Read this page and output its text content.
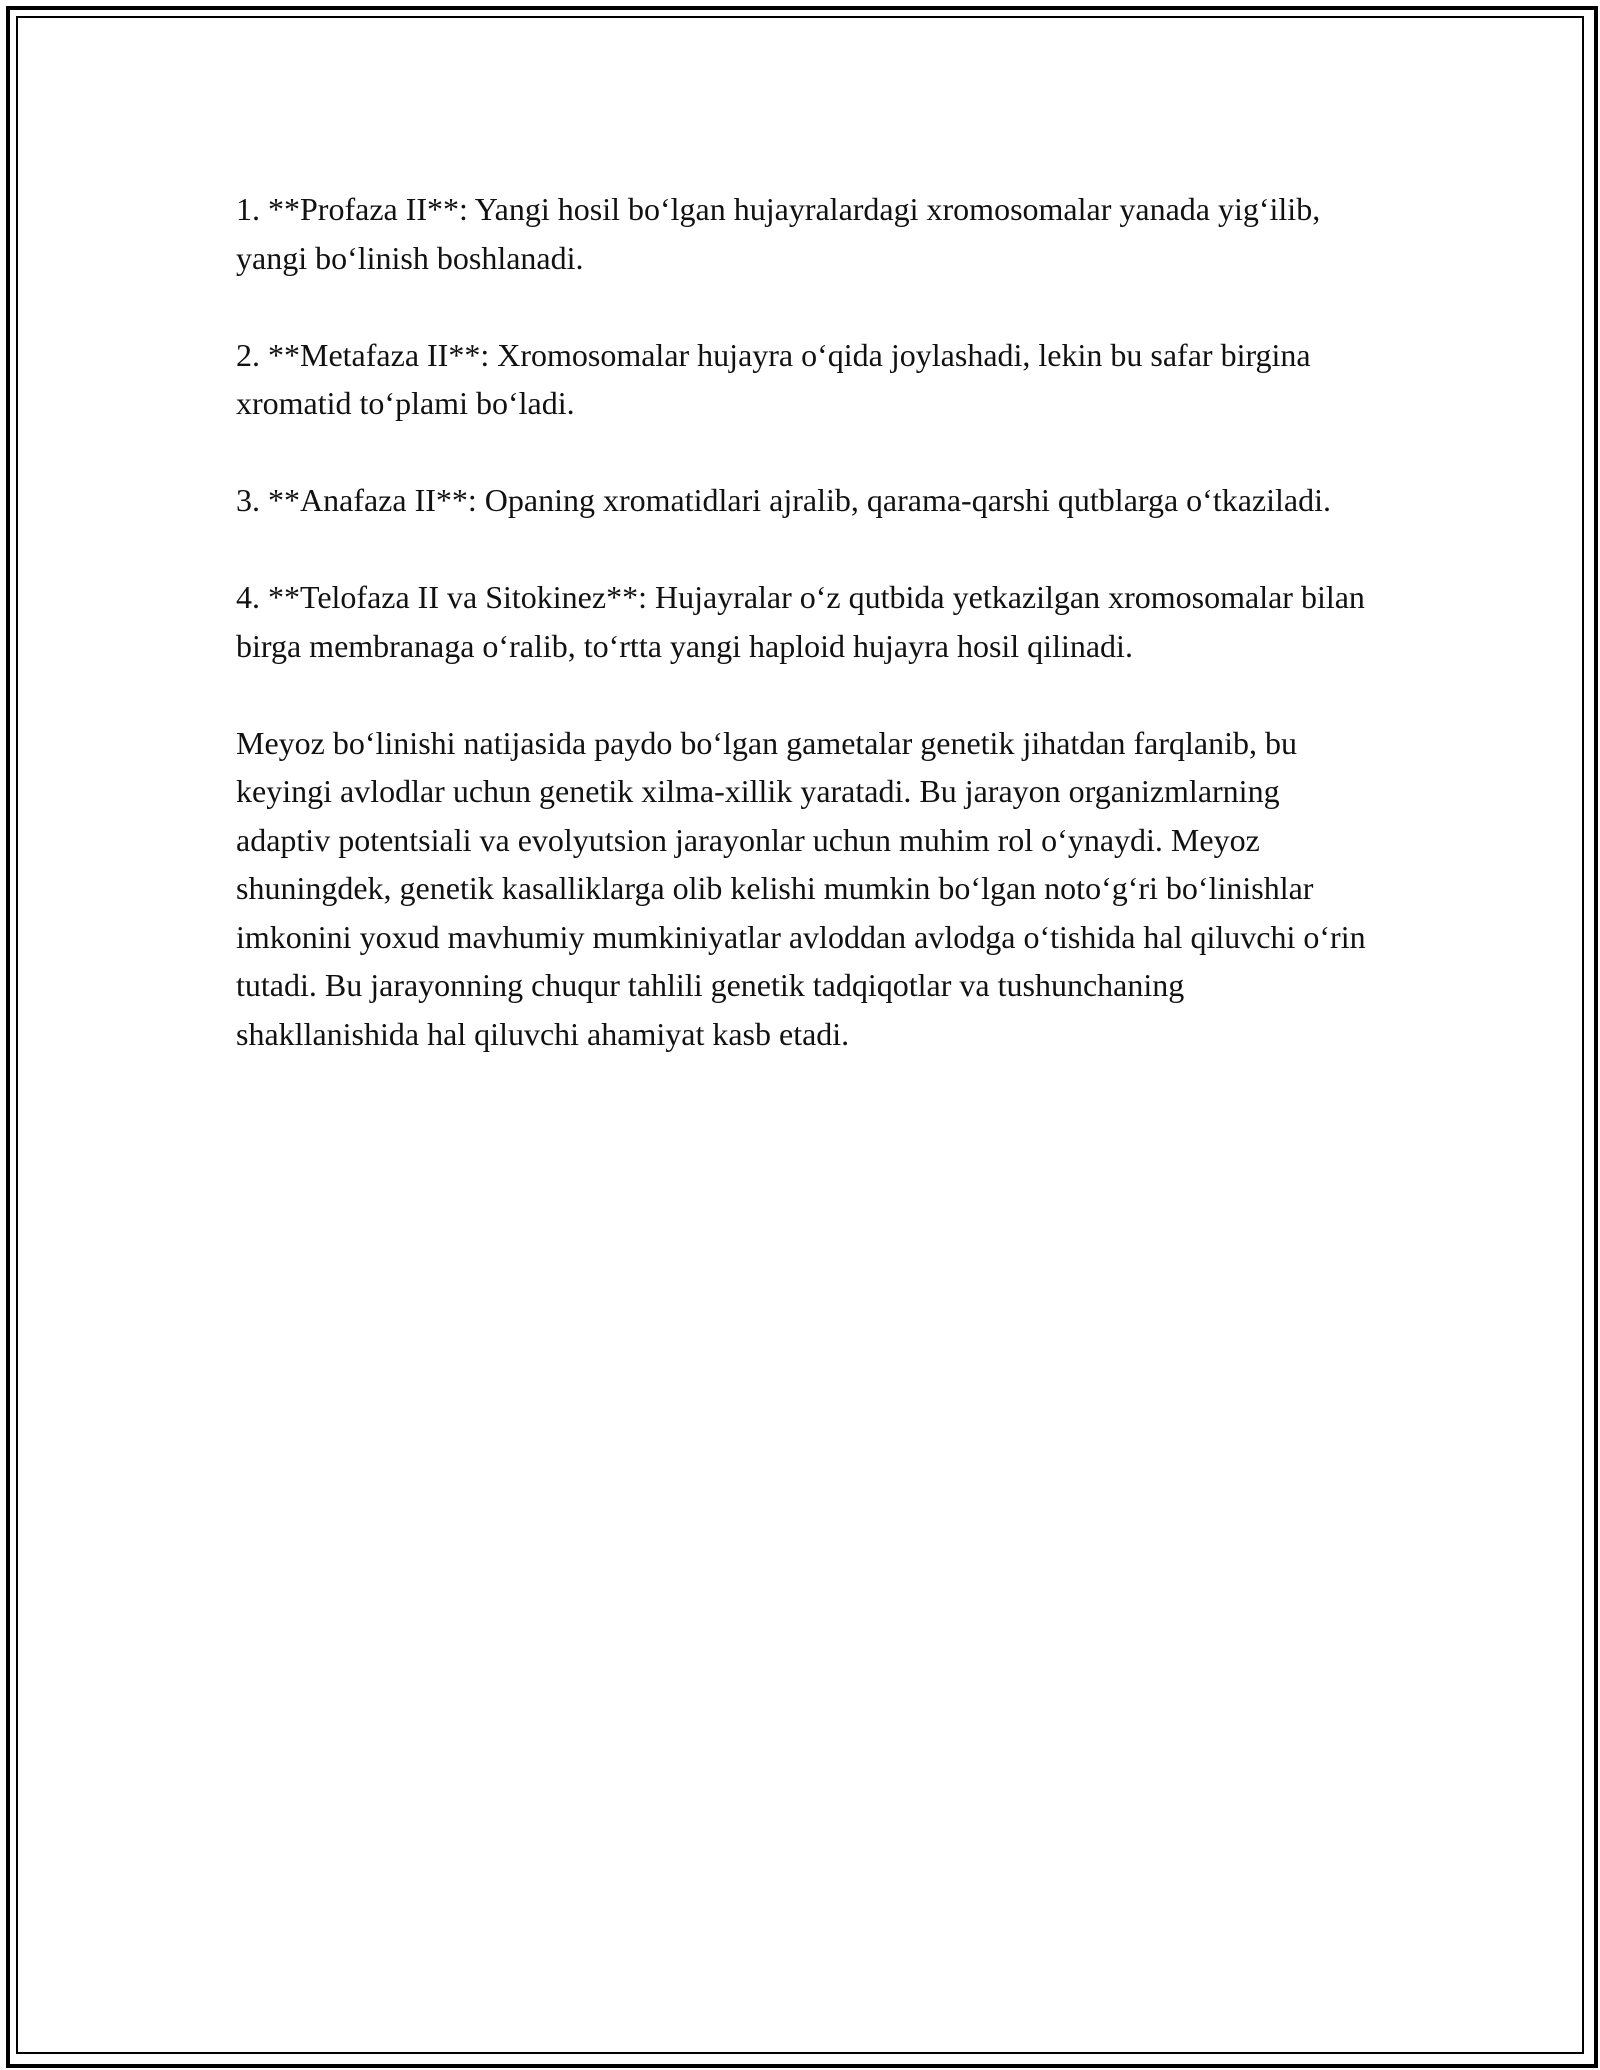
1. **Profaza II**: Yangi hosil bo‘lgan hujayralardagi xromosomalar yanada yig‘ilib, yangi bo‘linish boshlanadi.

2. **Metafaza II**: Xromosomalar hujayra o‘qida joylashadi, lekin bu safar birgina xromatid to‘plami bo‘ladi.

3. **Anafaza II**: Opaning xromatidlari ajralib, qarama-qarshi qutblarga o‘tkaziladi.

4. **Telofaza II va Sitokinez**: Hujayralar o‘z qutbida yetkazilgan xromosomalar bilan birga membranaga o‘ralib, to‘rtta yangi haploid hujayra hosil qilinadi.

Meyoz bo‘linishi natijasida paydo bo‘lgan gametalar genetik jihatdan farqlanib, bu keyingi avlodlar uchun genetik xilma-xillik yaratadi. Bu jarayon organizmlarning adaptiv potentsiali va evolyutsion jarayonlar uchun muhim rol o‘ynaydi. Meyoz shuningdek, genetik kasalliklarga olib kelishi mumkin bo‘lgan noto‘g‘ri bo‘linishlar imkonini yoxud mavhumiy mumkiniyatlar avloddan avlodga o‘tishida hal qiluvchi o‘rin tutadi. Bu jarayonning chuqur tahlili genetik tadqiqotlar va tushunchaning shakllanishida hal qiluvchi ahamiyat kasb etadi.
